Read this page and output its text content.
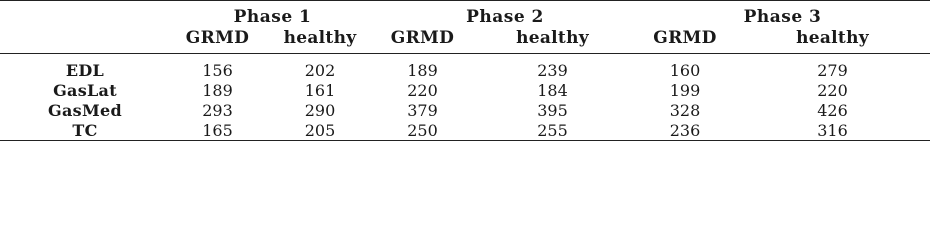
	Phase 1		Phase 2		Phase 3	
	GRMD	healthy	GRMD	healthy	GRMD	healthy
EDL	156	202	189	239	160	279
GasLat	189	161	220	184	199	220
GasMed	293	290	379	395	328	426
TC	165	205	250	255	236	316
